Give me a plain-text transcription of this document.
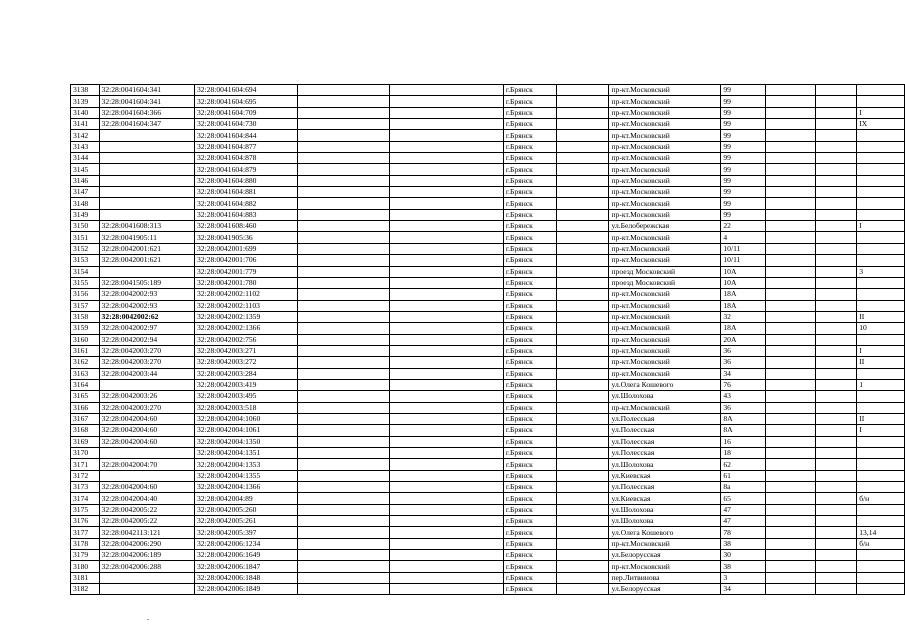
3138	32:28:0041604:341	32:28:0041604:694			г.Брянск		пр-кт.Московский	99			
3139	32:28:0041604:341	32:28:0041604:695			г.Брянск		пр-кт.Московский	99			
3140	32:28:0041604:366	32:28:0041604:709			г.Брянск		пр-кт.Московский	99			I
3141	32:28:0041604:347	32:28:0041604:730			г.Брянск		пр-кт.Московский	99			IX
3142		32:28:0041604:844			г.Брянск		пр-кт.Московский	99			
3143		32:28:0041604:877			г.Брянск		пр-кт.Московский	99			
3144		32:28:0041604:878			г.Брянск		пр-кт.Московский	99			
3145		32:28:0041604:879			г.Брянск		пр-кт.Московский	99			
3146		32:28:0041604:880			г.Брянск		пр-кт.Московский	99			
3147		32:28:0041604:881			г.Брянск		пр-кт.Московский	99			
3148		32:28:0041604:882			г.Брянск		пр-кт.Московский	99			
3149		32:28:0041604:883			г.Брянск		пр-кт.Московский	99			
3150	32:28:0041608:313	32:28:0041608:460			г.Брянск		ул.Белобережская	22			I
3151	32:28:0041905:11	32:28:0041905:36			г.Брянск		пр-кт.Московский	4			
3152	32:28:0042001:621	32:28:0042001:699			г.Брянск		пр-кт.Московский	10/11			
3153	32:28:0042001:621	32:28:0042001:706			г.Брянск		пр-кт.Московский	10/11			
3154		32:28:0042001:779			г.Брянск		проезд Московский	10А			3
3155	32:28:0041505:189	32:28:0042001:780			г.Брянск		проезд Московский	10А			
3156	32:28:0042002:93	32:28:0042002:1102			г.Брянск		пр-кт.Московский	18А			
3157	32:28:0042002:93	32:28:0042002:1103			г.Брянск		пр-кт.Московский	18А			
3158	32:28:0042002:62	32:28:0042002:1359			г.Брянск		пр-кт.Московский	32			II
3159	32:28:0042002:97	32:28:0042002:1366			г.Брянск		пр-кт.Московский	18А			10
3160	32:28:0042002:94	32:28:0042002:756			г.Брянск		пр-кт.Московский	20А			
3161	32:28:0042003:270	32:28:0042003:271			г.Брянск		пр-кт.Московский	36			I
3162	32:28:0042003:270	32:28:0042003:272			г.Брянск		пр-кт.Московский	36			II
3163	32:28:0042003:44	32:28:0042003:284			г.Брянск		пр-кт.Московский	34			
3164		32:28:0042003:419			г.Брянск		ул.Олега Кошевого	76			1
3165	32:28:0042003:26	32:28:0042003:495			г.Брянск		ул.Шолохова	43			
3166	32:28:0042003:270	32:28:0042003:518			г.Брянск		пр-кт.Московский	36			
3167	32:28:0042004:60	32:28:0042004:1060			г.Брянск		ул.Полесская	8А			II
3168	32:28:0042004:60	32:28:0042004:1061			г.Брянск		ул.Полесская	8А			I
3169	32:28:0042004:60	32:28:0042004:1350			г.Брянск		ул.Полесская	16			
3170		32:28:0042004:1351			г.Брянск		ул.Полесская	18			
3171	32:28:0042004:70	32:28:0042004:1353			г.Брянск		ул.Шолохова	62			
3172		32:28:0042004:1355			г.Брянск		ул.Киевская	61			
3173	32:28:0042004:60	32:28:0042004:1366			г.Брянск		ул.Полесская	8а			
3174	32:28:0042004:40	32:28:0042004:89			г.Брянск		ул.Киевская	65			б/н
3175	32:28:0042005:22	32:28:0042005:260			г.Брянск		ул.Шолохова	47			
3176	32:28:0042005:22	32:28:0042005:261			г.Брянск		ул.Шолохова	47			
3177	32:28:0042113:121	32:28:0042005:397			г.Брянск		ул.Олега Кошевого	78			13,14
3178	32:28:0042006:290	32:28:0042006:1234			г.Брянск		пр-кт.Московский	38			б/н
3179	32:28:0042006:189	32:28:0042006:1649			г.Брянск		ул.Белорусская	30			
3180	32:28:0042006:288	32:28:0042006:1847			г.Брянск		пр-кт.Московский	38			
3181		32:28:0042006:1848			г.Брянск		пер.Литвинова	3			
3182		32:28:0042006:1849			г.Брянск		ул.Белорусская	34			
.
